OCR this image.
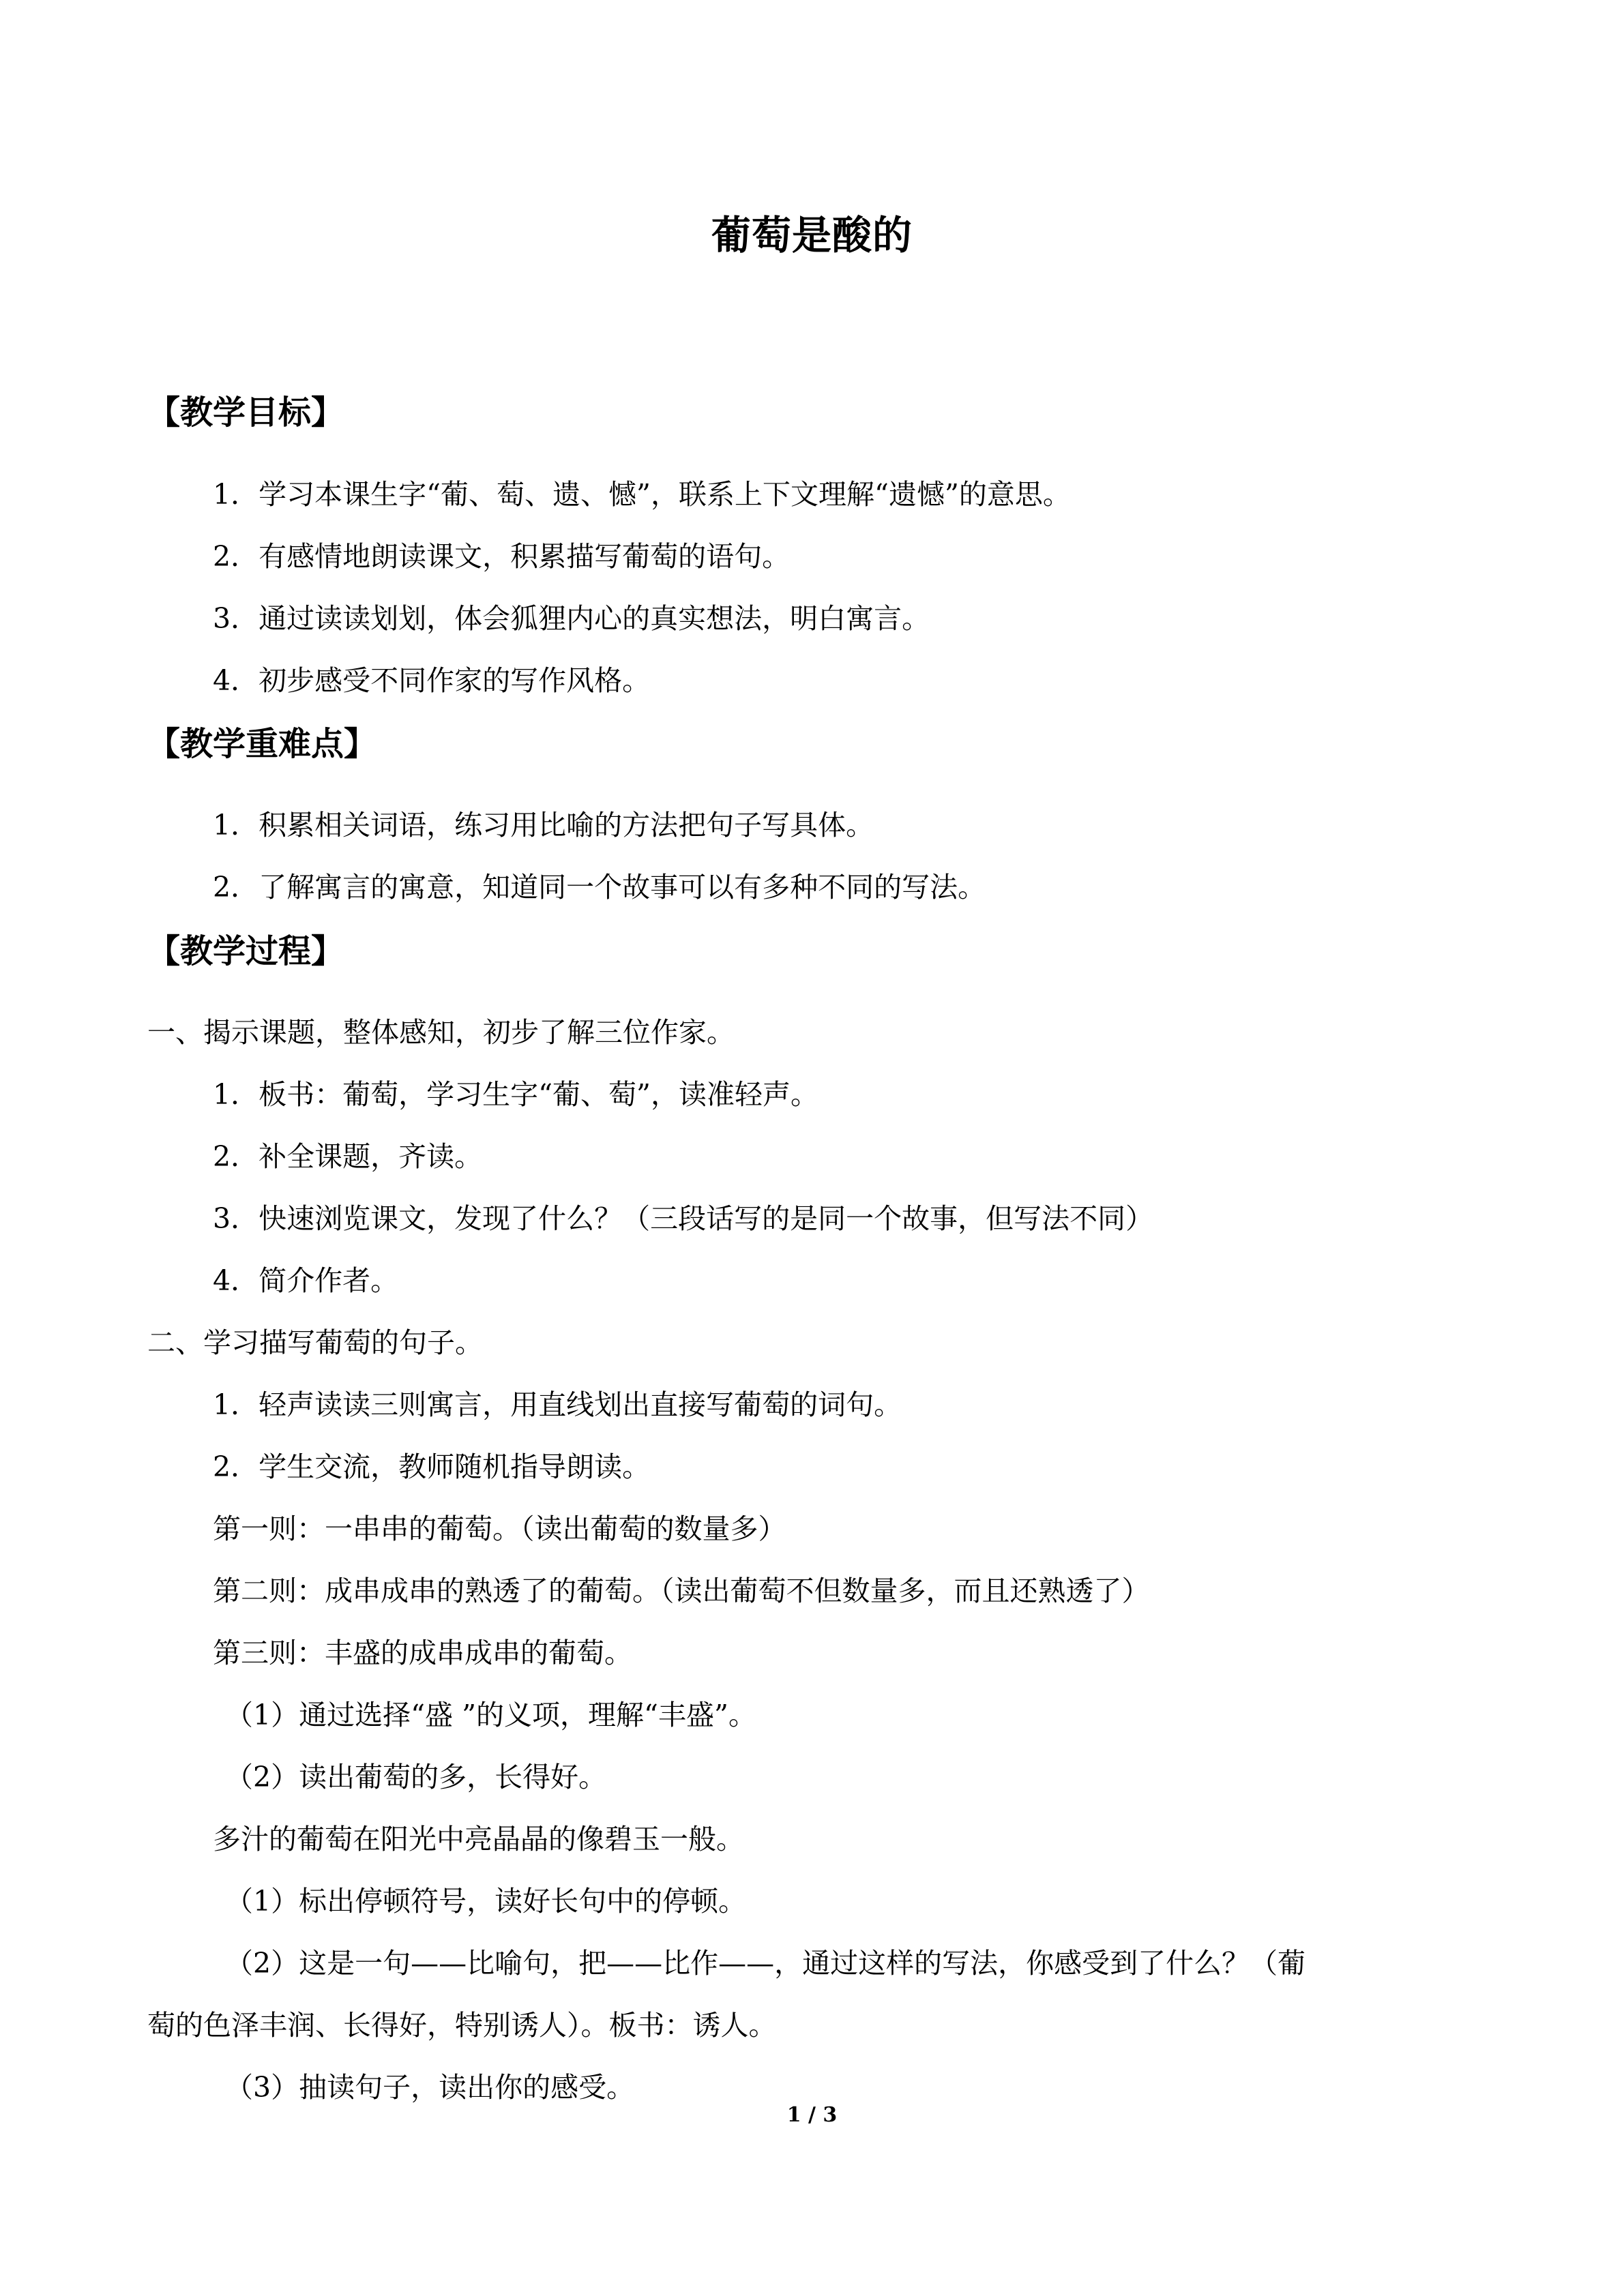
葡萄是酸的
【教学目标】
1．学习本课生字“葡、萄、遗、憾”，联系上下文理解“遗憾”的意思。
2．有感情地朗读课文，积累描写葡萄的语句。
3．通过读读划划，体会狐狸内心的真实想法，明白寓言。
4．初步感受不同作家的写作风格。
【教学重难点】
1．积累相关词语，练习用比喻的方法把句子写具体。
2．了解寓言的寓意，知道同一个故事可以有多种不同的写法。
【教学过程】
一、揭示课题，整体感知，初步了解三位作家。
1．板书：葡萄，学习生字“葡、萄”，读准轻声。
2．补全课题，齐读。
3．快速浏览课文，发现了什么？（三段话写的是同一个故事，但写法不同）
4．简介作者。
二、学习描写葡萄的句子。
1．轻声读读三则寓言，用直线划出直接写葡萄的词句。
2．学生交流，教师随机指导朗读。
第一则：一串串的葡萄。（读出葡萄的数量多）
第二则：成串成串的熟透了的葡萄。（读出葡萄不但数量多，而且还熟透了）
第三则：丰盛的成串成串的葡萄。
（1）通过选择“盛 ”的义项，理解“丰盛”。
（2）读出葡萄的多，长得好。
多汁的葡萄在阳光中亮晶晶的像碧玉一般。
（1）标出停顿符号，读好长句中的停顿。
（2）这是一句——比喻句，把——比作——，通过这样的写法，你感受到了什么？（葡
萄的色泽丰润、长得好，特别诱人）。板书：诱人。
（3）抽读句子，读出你的感受。
1 / 3
